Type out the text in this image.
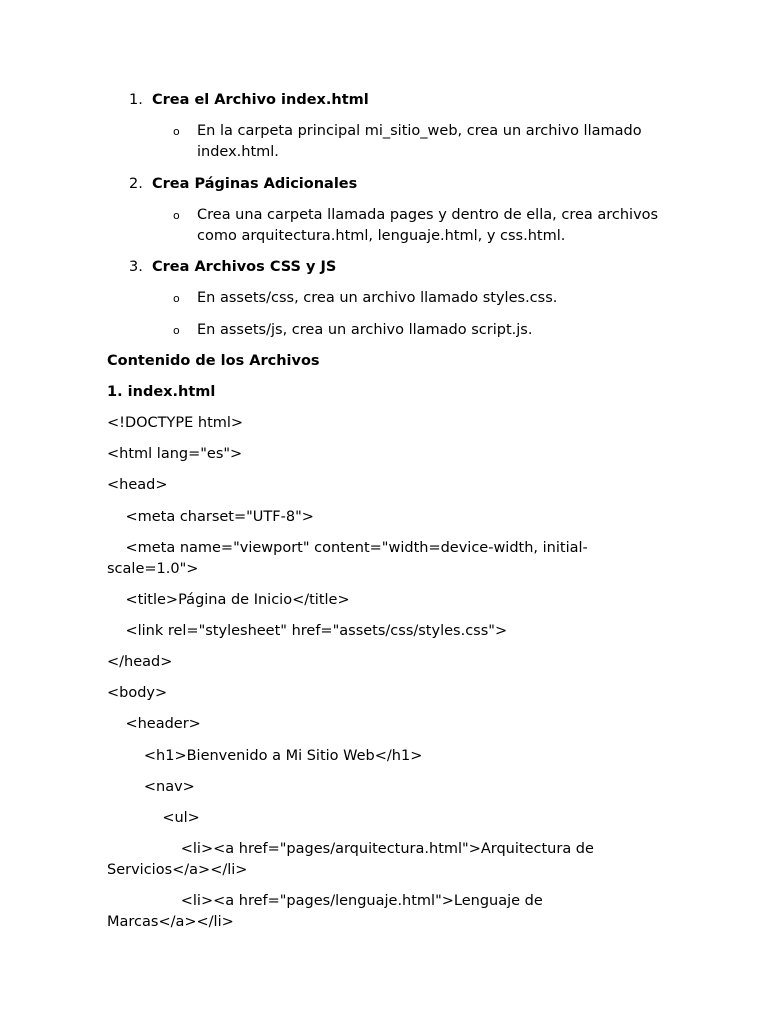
1. Crea el Archivo index.html
o En la carpeta principal mi_sitio_web, crea un archivo llamado index.html.
2. Crea Páginas Adicionales
o Crea una carpeta llamada pages y dentro de ella, crea archivos como arquitectura.html, lenguaje.html, y css.html.
3. Crea Archivos CSS y JS
o En assets/css, crea un archivo llamado styles.css.
o En assets/js, crea un archivo llamado script.js.
Contenido de los Archivos
1. index.html
<!DOCTYPE html>
<html lang="es">
<head>
<meta charset="UTF-8">
<meta name="viewport" content="width=device-width, initial-scale=1.0">
<title>Página de Inicio</title>
<link rel="stylesheet" href="assets/css/styles.css">
</head>
<body>
<header>
<h1>Bienvenido a Mi Sitio Web</h1>
<nav>
<ul>
<li><a href="pages/arquitectura.html">Arquitectura de Servicios</a></li>
<li><a href="pages/lenguaje.html">Lenguaje de Marcas</a></li>
